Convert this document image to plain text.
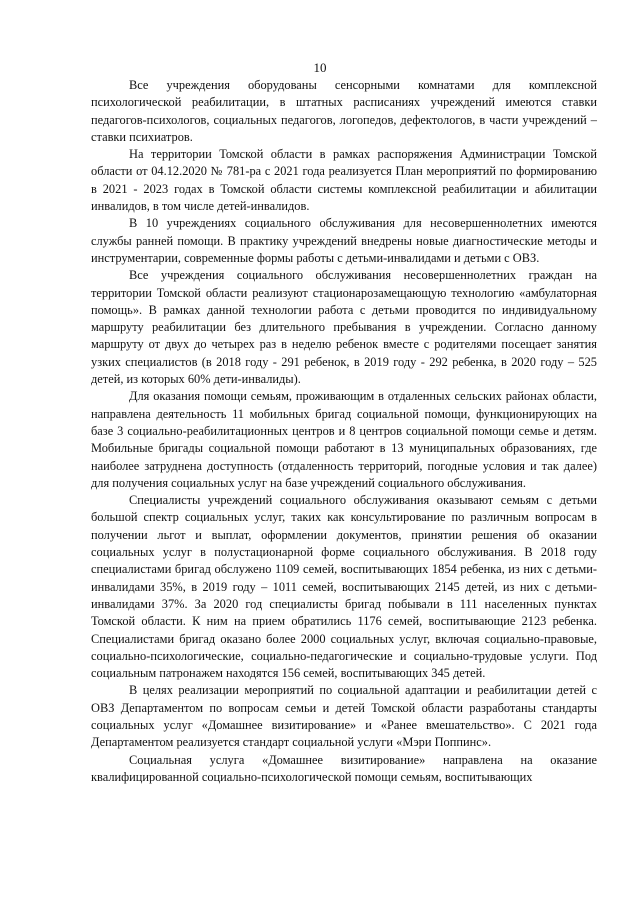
10

Все учреждения оборудованы сенсорными комнатами для комплексной психологической реабилитации, в штатных расписаниях учреждений имеются ставки педагогов-психологов, социальных педагогов, логопедов, дефектологов, в части учреждений – ставки психиатров.

На территории Томской области в рамках распоряжения Администрации Томской области от 04.12.2020 № 781-ра с 2021 года реализуется План мероприятий по формированию в 2021 - 2023 годах в Томской области системы комплексной реабилитации и абилитации инвалидов, в том числе детей-инвалидов.

В 10 учреждениях социального обслуживания для несовершеннолетних имеются службы ранней помощи. В практику учреждений внедрены новые диагностические методы и инструментарии, современные формы работы с детьми-инвалидами и детьми с ОВЗ.

Все учреждения социального обслуживания несовершеннолетних граждан на территории Томской области реализуют стационарозамещающую технологию «амбулаторная помощь». В рамках данной технологии работа с детьми проводится по индивидуальному маршруту реабилитации без длительного пребывания в учреждении. Согласно данному маршруту от двух до четырех раз в неделю ребенок вместе с родителями посещает занятия узких специалистов (в 2018 году - 291 ребенок, в 2019 году - 292 ребенка, в 2020 году – 525 детей, из которых 60% дети-инвалиды).

Для оказания помощи семьям, проживающим в отдаленных сельских районах области, направлена деятельность 11 мобильных бригад социальной помощи, функционирующих на базе 3 социально-реабилитационных центров и 8 центров социальной помощи семье и детям. Мобильные бригады социальной помощи работают в 13 муниципальных образованиях, где наиболее затруднена доступность (отдаленность территорий, погодные условия и так далее) для получения социальных услуг на базе учреждений социального обслуживания.

Специалисты учреждений социального обслуживания оказывают семьям с детьми большой спектр социальных услуг, таких как консультирование по различным вопросам в получении льгот и выплат, оформлении документов, принятии решения об оказании социальных услуг в полустационарной форме социального обслуживания. В 2018 году специалистами бригад обслужено 1109 семей, воспитывающих 1854 ребенка, из них с детьми-инвалидами 35%, в 2019 году – 1011 семей, воспитывающих 2145 детей, из них с детьми-инвалидами 37%. За 2020 год специалисты бригад побывали в 111 населенных пунктах Томской области. К ним на прием обратились 1176 семей, воспитывающие 2123 ребенка. Специалистами бригад оказано более 2000 социальных услуг, включая социально-правовые, социально-психологические, социально-педагогические и социально-трудовые услуги. Под социальным патронажем находятся 156 семей, воспитывающих 345 детей.

В целях реализации мероприятий по социальной адаптации и реабилитации детей с ОВЗ Департаментом по вопросам семьи и детей Томской области разработаны стандарты социальных услуг «Домашнее визитирование» и «Ранее вмешательство». С 2021 года Департаментом реализуется стандарт социальной услуги «Мэри Поппинс».

Социальная услуга «Домашнее визитирование» направлена на оказание квалифицированной социально-психологической помощи семьям, воспитывающих
